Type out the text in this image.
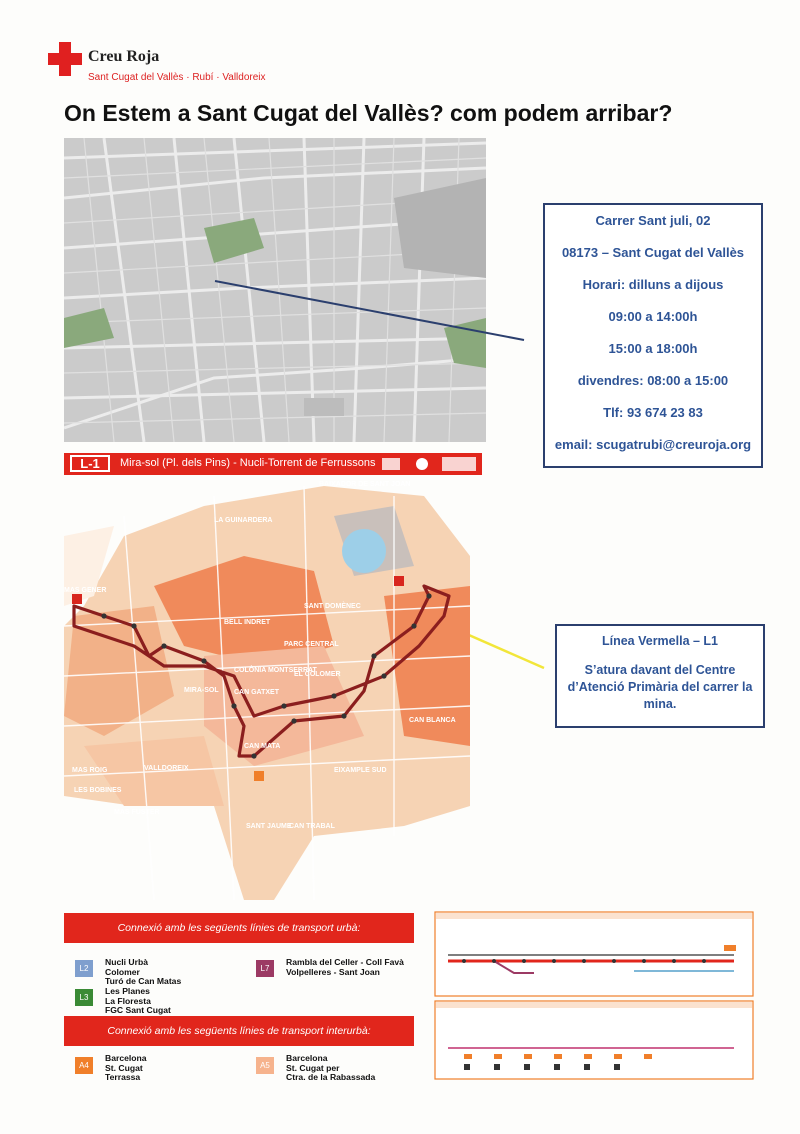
Creu Roja
Sant Cugat del Vallès · Rubí · Valldoreix
On Estem a Sant Cugat del Vallès? com podem arribar?

Carrer Sant juli, 02

08173 – Sant Cugat del Vallès

Horari: dilluns a dijous

09:00 a 14:00h

15:00 a 18:00h

divendres: 08:00 a 15:00

Tlf: 93 674 23 83

email: scugatrubi@creuroja.org

L-1	Mira-sol (Pl. dels Pins) - Nucli-Torrent de Ferrussons
LA GUINARDERA
BAIXADOR DE SANT JOAN
MAS GENER
BELL INDRET
PARC CENTRAL
SANT DOMÈNEC
COLÒNIA MONTSERRAT
EL COLOMER
CAN GATXET
MIRA-SOL
VALLDOREIX
CAN MATA
EIXAMPLE SUD
CAN BLANCA
MAS ROIG
LES BOBINES
MAS FUSTER
SANT JAUME
CAN TRABAL
Línea Vermella – L1
S’atura davant del Centre d’Atenció Primària del carrer la mina.
Connexió amb les següents línies de transport urbà:
L2
Nucli Urbà
Colomer
Turó de Can Matas
L7
Rambla del Celler - Coll Favà
Volpelleres - Sant Joan
L3
Les Planes
La Floresta
FGC Sant Cugat
Connexió amb les següents línies de transport interurbà:
A4
Barcelona
St. Cugat
Terrassa
A5
Barcelona
St. Cugat per
Ctra. de la Rabassada
